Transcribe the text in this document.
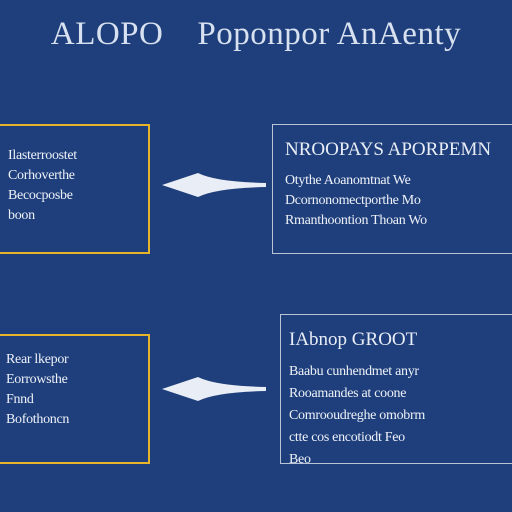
ALOPO Poponpor AnAenty
Ilasterroostet
Corhoverthe
Becocposbe
boon
NROOPAYS APORPEMN
Otythe Aoanomtnat We
Dcornonomectporthe Mo
Rmanthoontion Thoan Wo
Rear lkepor
Eorrowsthe
Fnnd
Bofothoncn
IAbnop GROOT
Baabu cunhendmet anyr
Rooamandes at coone
Comrooudreghe omobrm
ctte cos encotiodt Feo
Beo
